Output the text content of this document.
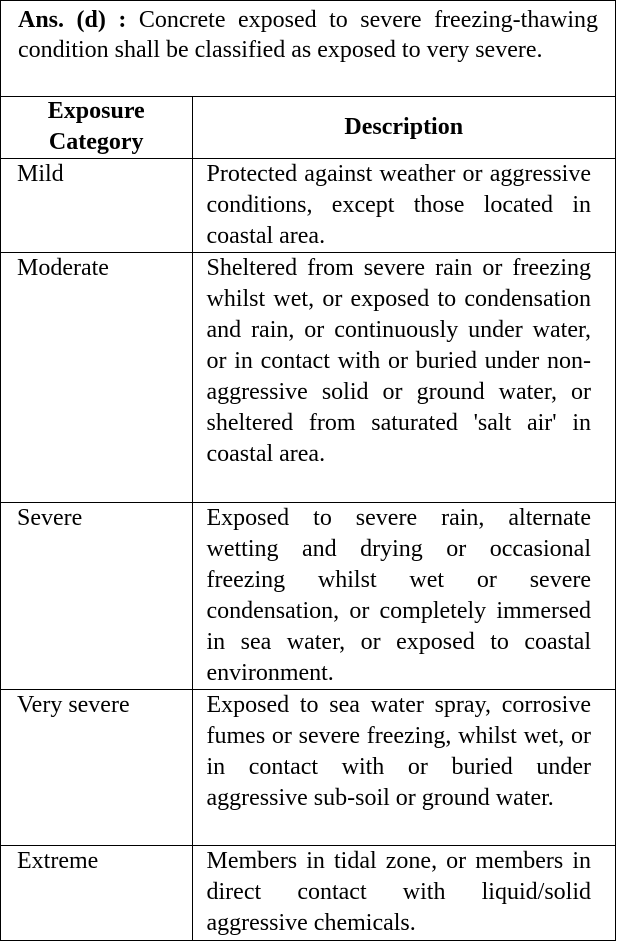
Ans. (d) : Concrete exposed to severe freezing-thawing condition shall be classified as exposed to very severe.
Exposure Category	Description
Mild	Protected against weather or aggressive conditions, except those located in coastal area.
Moderate	Sheltered from severe rain or freezing whilst wet, or exposed to condensation and rain, or continuously under water, or in contact with or buried under non-aggressive solid or ground water, or sheltered from saturated 'salt air' in coastal area.
Severe	Exposed to severe rain, alternate wetting and drying or occasional freezing whilst wet or severe condensation, or completely immersed in sea water, or exposed to coastal environment.
Very severe	Exposed to sea water spray, corrosive fumes or severe freezing, whilst wet, or in contact with or buried under aggressive sub-soil or ground water.
Extreme	Members in tidal zone, or members in direct contact with liquid/solid aggressive chemicals.
